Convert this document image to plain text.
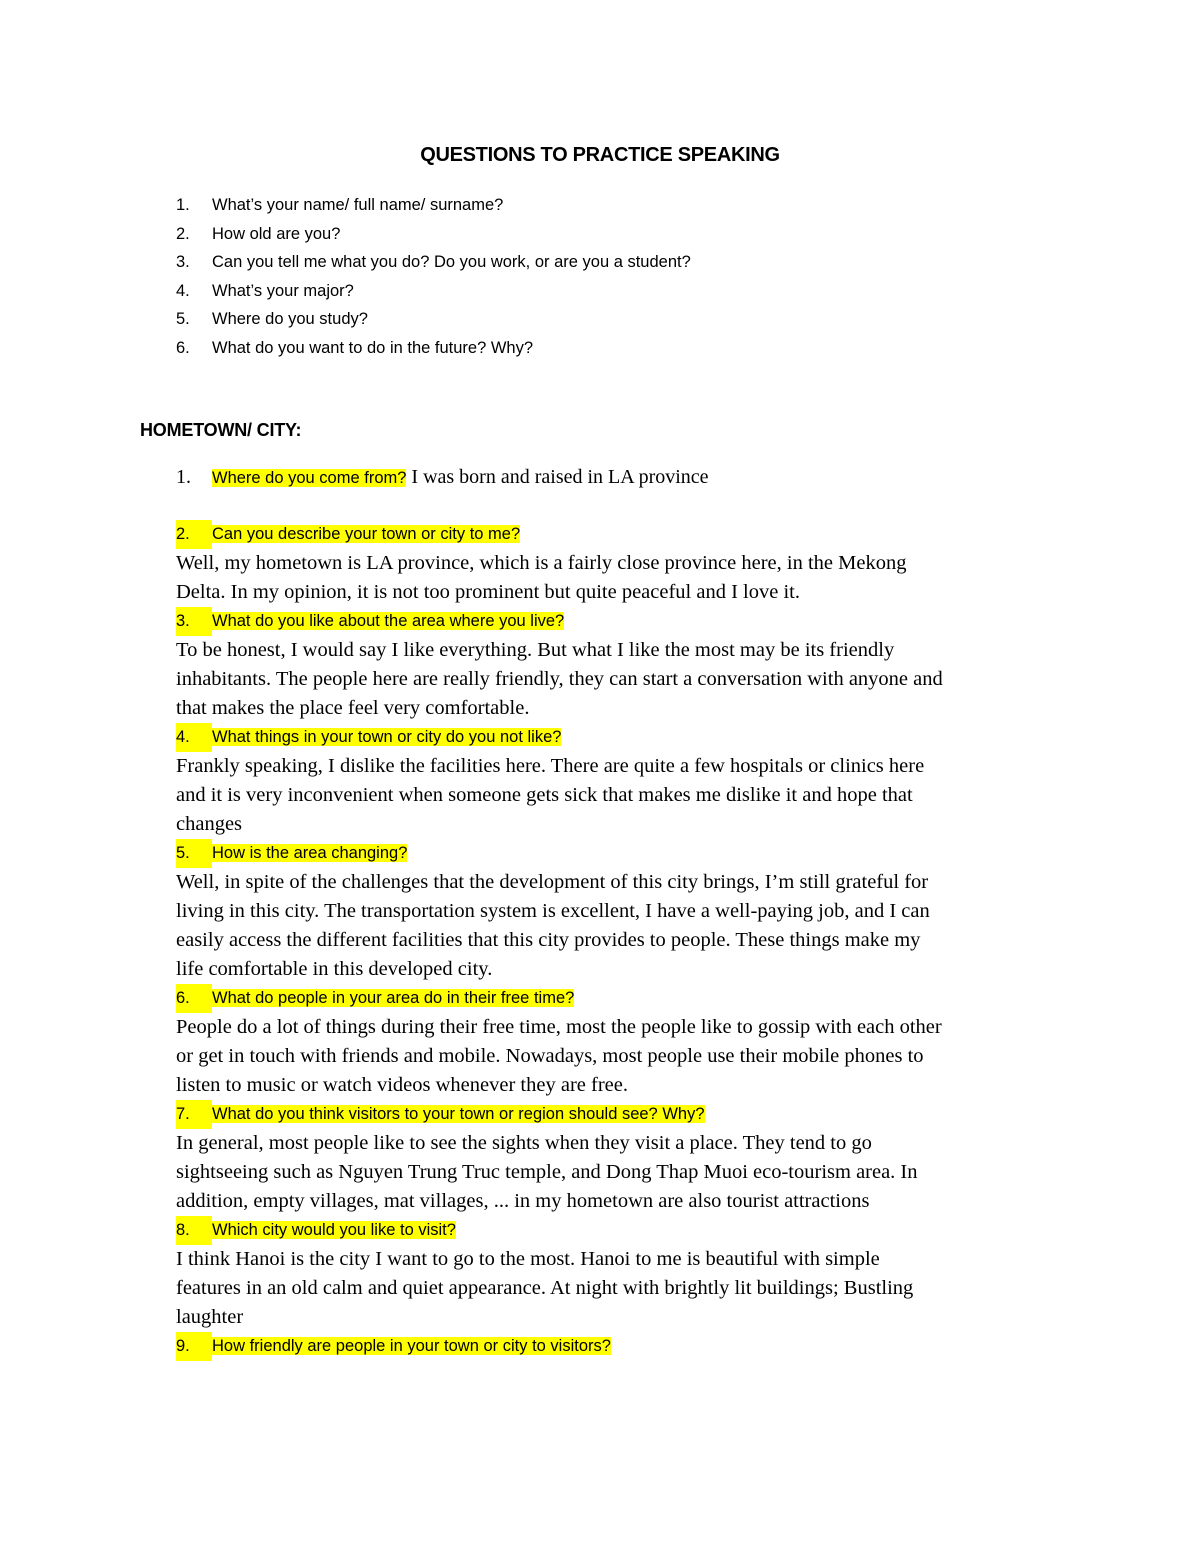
QUESTIONS TO PRACTICE SPEAKING
1. What’s your name/ full name/ surname?
2. How old are you?
3. Can you tell me what you do? Do you work, or are you a student?
4. What’s your major?
5. Where do you study?
6. What do you want to do in the future? Why?
HOMETOWN/ CITY:
1. Where do you come from? I was born and raised in LA province
2. Can you describe your town or city to me?
Well, my hometown is LA province, which is a fairly close province here, in the Mekong
Delta. In my opinion, it is not too prominent but quite peaceful and I love it.
3. What do you like about the area where you live?
To be honest, I would say I like everything. But what I like the most may be its friendly
inhabitants. The people here are really friendly, they can start a conversation with anyone and
that makes the place feel very comfortable.
4. What things in your town or city do you not like?
Frankly speaking, I dislike the facilities here. There are quite a few hospitals or clinics here
and it is very inconvenient when someone gets sick that makes me dislike it and hope that
changes
5. How is the area changing?
Well, in spite of the challenges that the development of this city brings, I’m still grateful for
living in this city. The transportation system is excellent, I have a well-paying job, and I can
easily access the different facilities that this city provides to people. These things make my
life comfortable in this developed city.
6. What do people in your area do in their free time?
People do a lot of things during their free time, most the people like to gossip with each other
or get in touch with friends and mobile. Nowadays, most people use their mobile phones to
listen to music or watch videos whenever they are free.
7. What do you think visitors to your town or region should see? Why?
In general, most people like to see the sights when they visit a place. They tend to go
sightseeing such as Nguyen Trung Truc temple, and Dong Thap Muoi eco-tourism area. In
addition, empty villages, mat villages, ... in my hometown are also tourist attractions
8. Which city would you like to visit?
I think Hanoi is the city I want to go to the most. Hanoi to me is beautiful with simple
features in an old calm and quiet appearance. At night with brightly lit buildings; Bustling
laughter
9. How friendly are people in your town or city to visitors?
